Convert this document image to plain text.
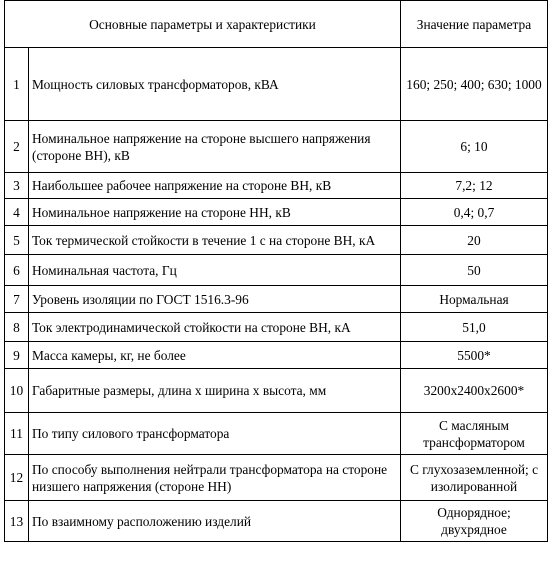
Основные параметры и характеристики		Значение параметра
1	Мощность силовых трансформаторов, кВА	160; 250; 400; 630; 1000
2	Номинальное напряжение на стороне высшего напряжения (стороне ВН), кВ	6; 10
3	Наибольшее рабочее напряжение на стороне ВН, кВ	7,2; 12
4	Номинальное напряжение на стороне НН, кВ	0,4; 0,7
5	Ток термической стойкости в течение 1 с на стороне ВН, кА	20
6	Номинальная частота, Гц	50
7	Уровень изоляции по ГОСТ 1516.3-96	Нормальная
8	Ток электродинамической стойкости на стороне ВН, кА	51,0
9	Масса камеры, кг, не более	5500*
10	Габаритные размеры, длина х ширина х высота, мм	3200х2400х2600*
11	По типу силового трансформатора	С масляным трансформатором
12	По способу выполнения нейтрали трансформатора на стороне низшего напряжения (стороне НН)	С глухозаземленной; с изолированной
13	По взаимному расположению изделий	Однорядное; двухрядное
